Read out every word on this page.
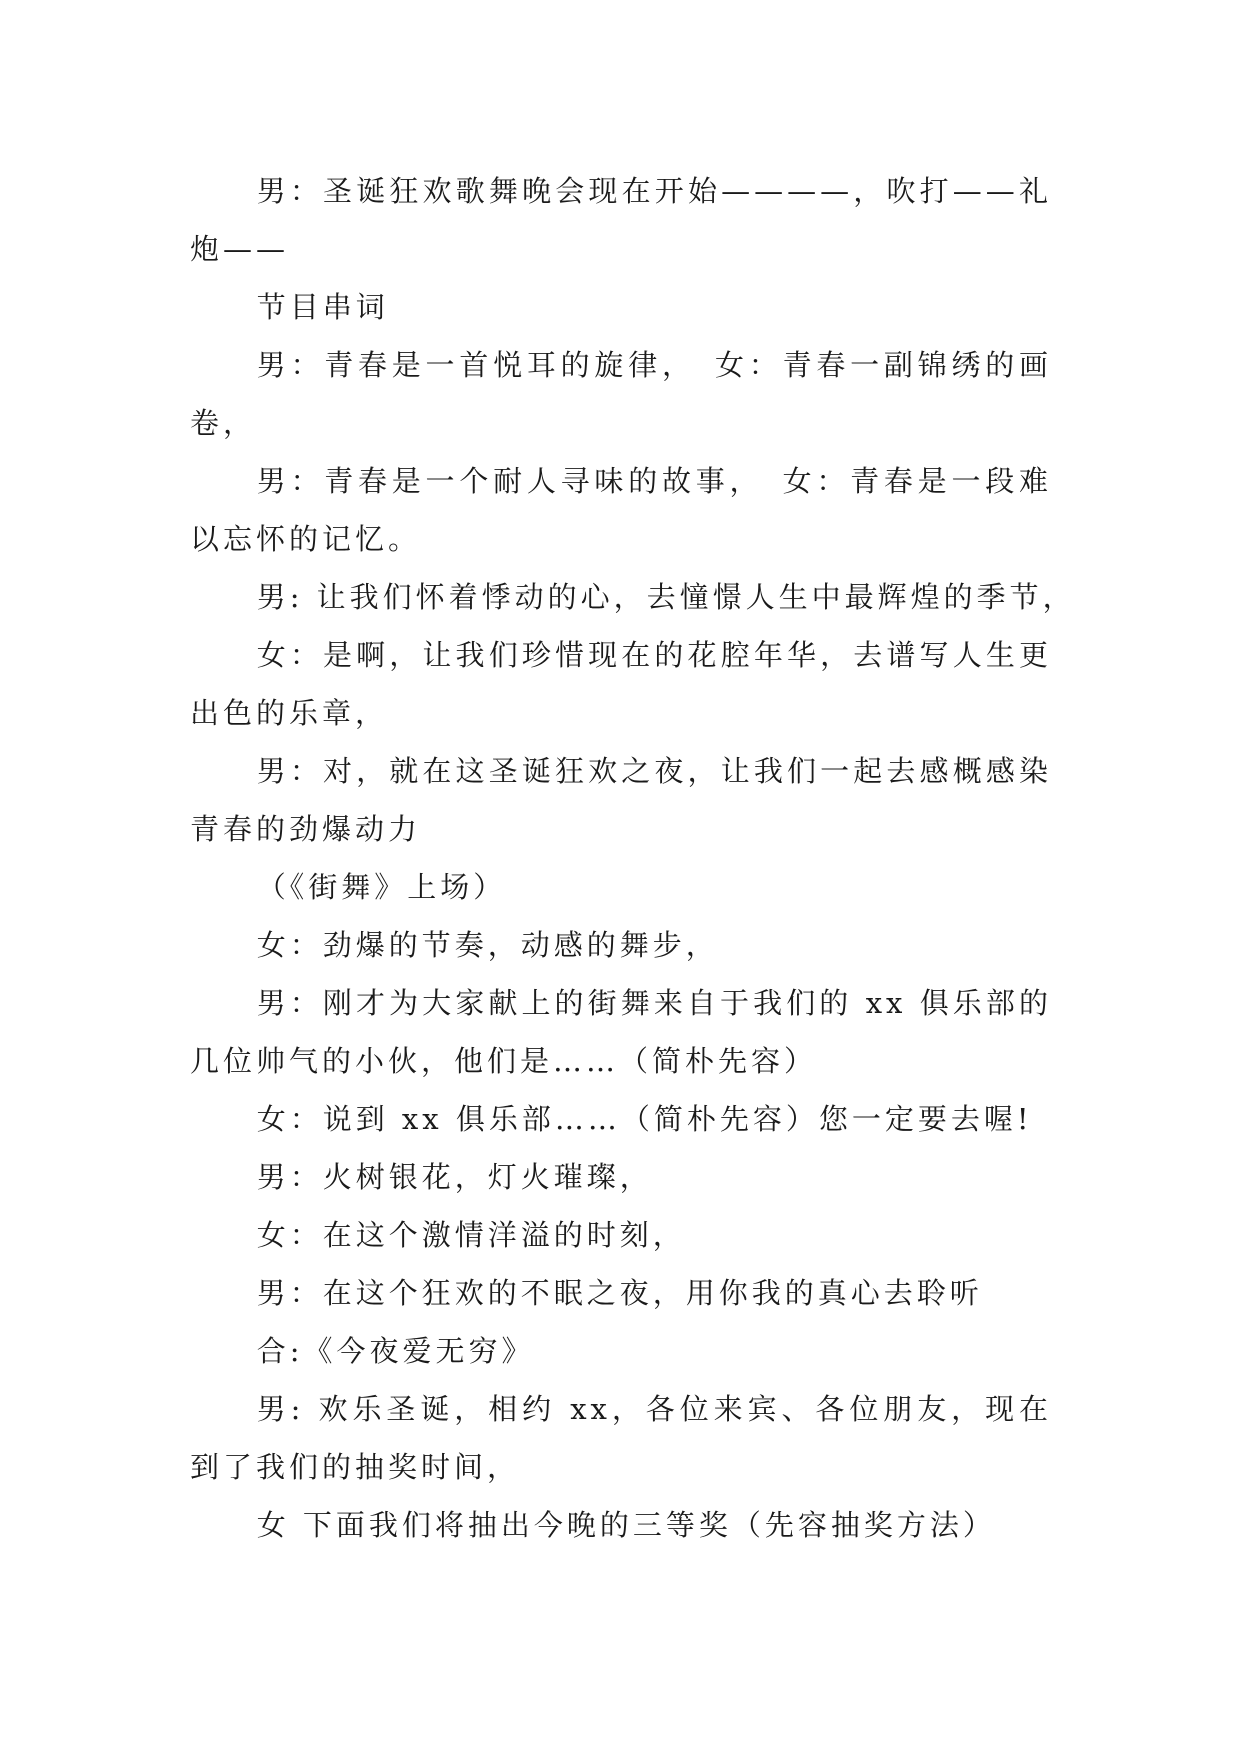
男：圣诞狂欢歌舞晚会现在开始————，吹打——礼炮——

节目串词

男：青春是一首悦耳的旋律，　女：青春一副锦绣的画卷，

男：青春是一个耐人寻味的故事，　女：青春是一段难以忘怀的记忆。

男: 让我们怀着悸动的心，去憧憬人生中最辉煌的季节，

女：是啊，让我们珍惜现在的花腔年华，去谱写人生更出色的乐章，

男：对，就在这圣诞狂欢之夜，让我们一起去感概感染青春的劲爆动力

（《街舞》上场）

女：劲爆的节奏，动感的舞步，

男：刚才为大家献上的街舞来自于我们的 xx 俱乐部的几位帅气的小伙，他们是……（简朴先容）

女：说到 xx 俱乐部……（简朴先容）您一定要去喔!

男：火树银花，灯火璀璨，

女：在这个激情洋溢的时刻，

男：在这个狂欢的不眠之夜，用你我的真心去聆听

合:《今夜爱无穷》

男: 欢乐圣诞，相约 xx，各位来宾、各位朋友，现在到了我们的抽奖时间，

女 下面我们将抽出今晚的三等奖（先容抽奖方法）
